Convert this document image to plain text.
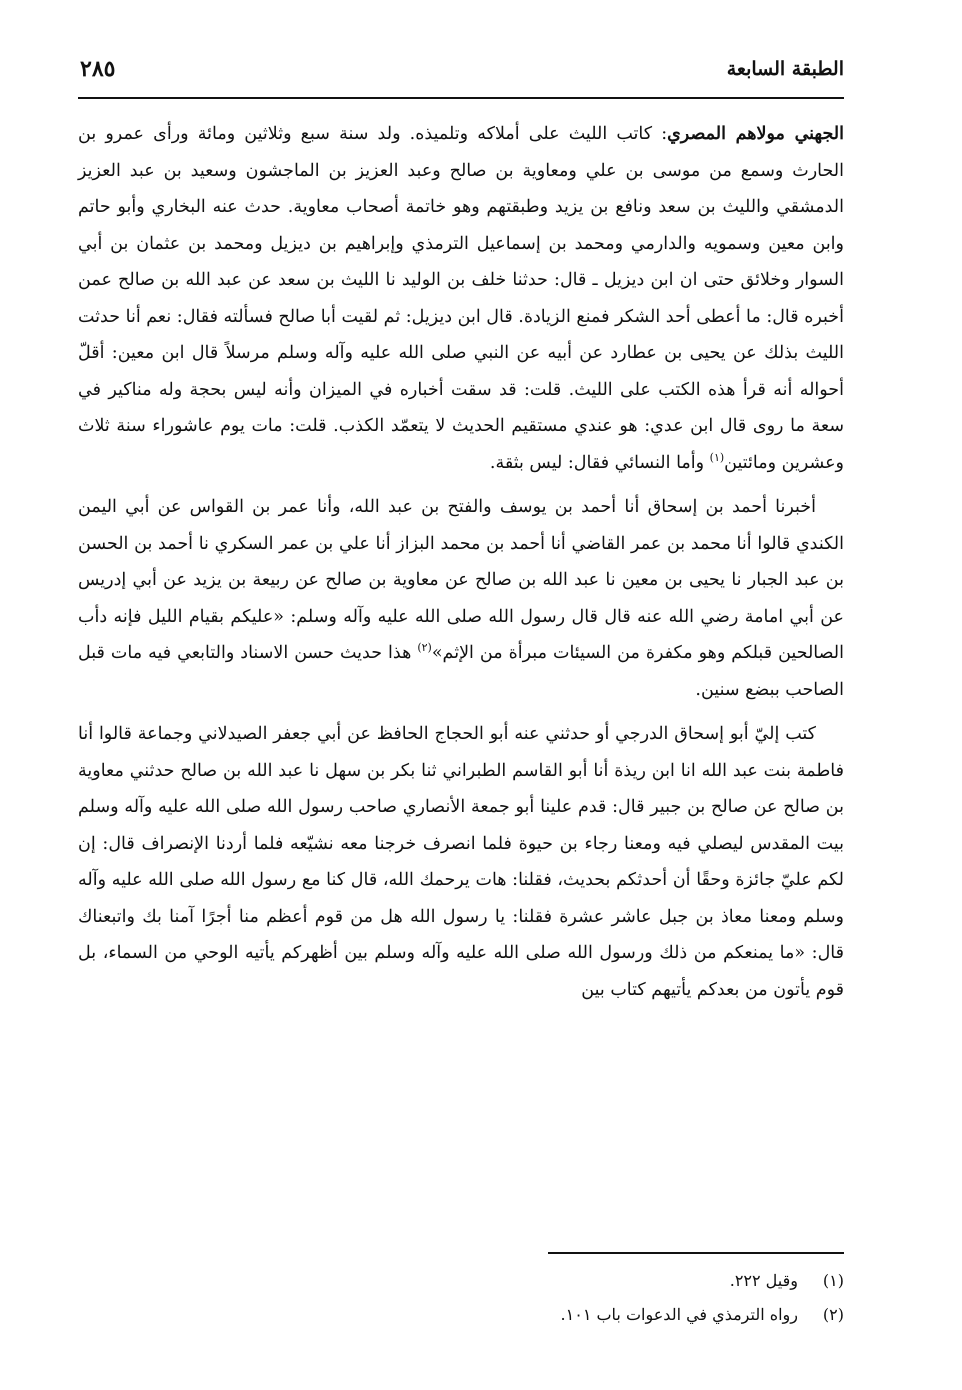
الطبقة السابعة
٢٨٥

الجهني مولاهم المصري: كاتب الليث على أملاكه وتلميذه. ولد سنة سبع وثلاثين ومائة ورأى عمرو بن الحارث وسمع من موسى بن علي ومعاوية بن صالح وعبد العزيز بن الماجشون وسعيد بن عبد العزيز الدمشقي والليث بن سعد ونافع بن يزيد وطبقتهم وهو خاتمة أصحاب معاوية. حدث عنه البخاري وأبو حاتم وابن معين وسمويه والدارمي ومحمد بن إسماعيل الترمذي وإبراهيم بن ديزيل ومحمد بن عثمان بن أبي السوار وخلائق حتى ان ابن ديزيل ـ قال: حدثنا خلف بن الوليد نا الليث بن سعد عن عبد الله بن صالح عمن أخبره قال: ما أعطى أحد الشكر فمنع الزيادة. قال ابن ديزيل: ثم لقيت أبا صالح فسألته فقال: نعم أنا حدثت الليث بذلك عن يحيى بن عطارد عن أبيه عن النبي صلى الله عليه وآله وسلم مرسلاً قال ابن معين: أقلّ أحواله أنه قرأ هذه الكتب على الليث. قلت: قد سقت أخباره في الميزان وأنه ليس بحجة وله مناكير في سعة ما روى قال ابن عدي: هو عندي مستقيم الحديث لا يتعمّد الكذب. قلت: مات يوم عاشوراء سنة ثلاث وعشرين ومائتين$^{(١)}$ وأما النسائي فقال: ليس بثقة.

أخبرنا أحمد بن إسحاق أنا أحمد بن يوسف والفتح بن عبد الله، وأنا عمر بن القواس عن أبي اليمن الكندي قالوا أنا محمد بن عمر القاضي أنا أحمد بن محمد البزاز أنا علي بن عمر السكري نا أحمد بن الحسن بن عبد الجبار نا يحيى بن معين نا عبد الله بن صالح عن معاوية بن صالح عن ربيعة بن يزيد عن أبي إدريس عن أبي امامة رضي الله عنه قال قال رسول الله صلى الله عليه وآله وسلم: «عليكم بقيام الليل فإنه دأب الصالحين قبلكم وهو مكفرة من السيئات مبرأة من الإثم»$^{(٢)}$ هذا حديث حسن الاسناد والتابعي فيه مات قبل الصاحب ببضع سنين.

كتب إليّ أبو إسحاق الدرجي أو حدثني عنه أبو الحجاج الحافظ عن أبي جعفر الصيدلاني وجماعة قالوا أنا فاطمة بنت عبد الله انا ابن ريذة أنا أبو القاسم الطبراني ثنا بكر بن سهل نا عبد الله بن صالح حدثني معاوية بن صالح عن صالح بن جبير قال: قدم علينا أبو جمعة الأنصاري صاحب رسول الله صلى الله عليه وآله وسلم بيت المقدس ليصلي فيه ومعنا رجاء بن حيوة فلما انصرف خرجنا معه نشيّعه فلما أردنا الإنصراف قال: إن لكم عليّ جائزة وحقًا أن أحدثكم بحديث، فقلنا: هات يرحمك الله، قال كنا مع رسول الله صلى الله عليه وآله وسلم ومعنا معاذ بن جبل عاشر عشرة فقلنا: يا رسول الله هل من قوم أعظم منا أجرًا آمنا بك واتبعناك قال: «ما يمنعكم من ذلك ورسول الله صلى الله عليه وآله وسلم بين أظهركم يأتيه الوحي من السماء، بل قوم يأتون من بعدكم يأتيهم كتاب بين

(١)وقيل ٢٢٢.

(٢)رواه الترمذي في الدعوات باب ١٠١.
